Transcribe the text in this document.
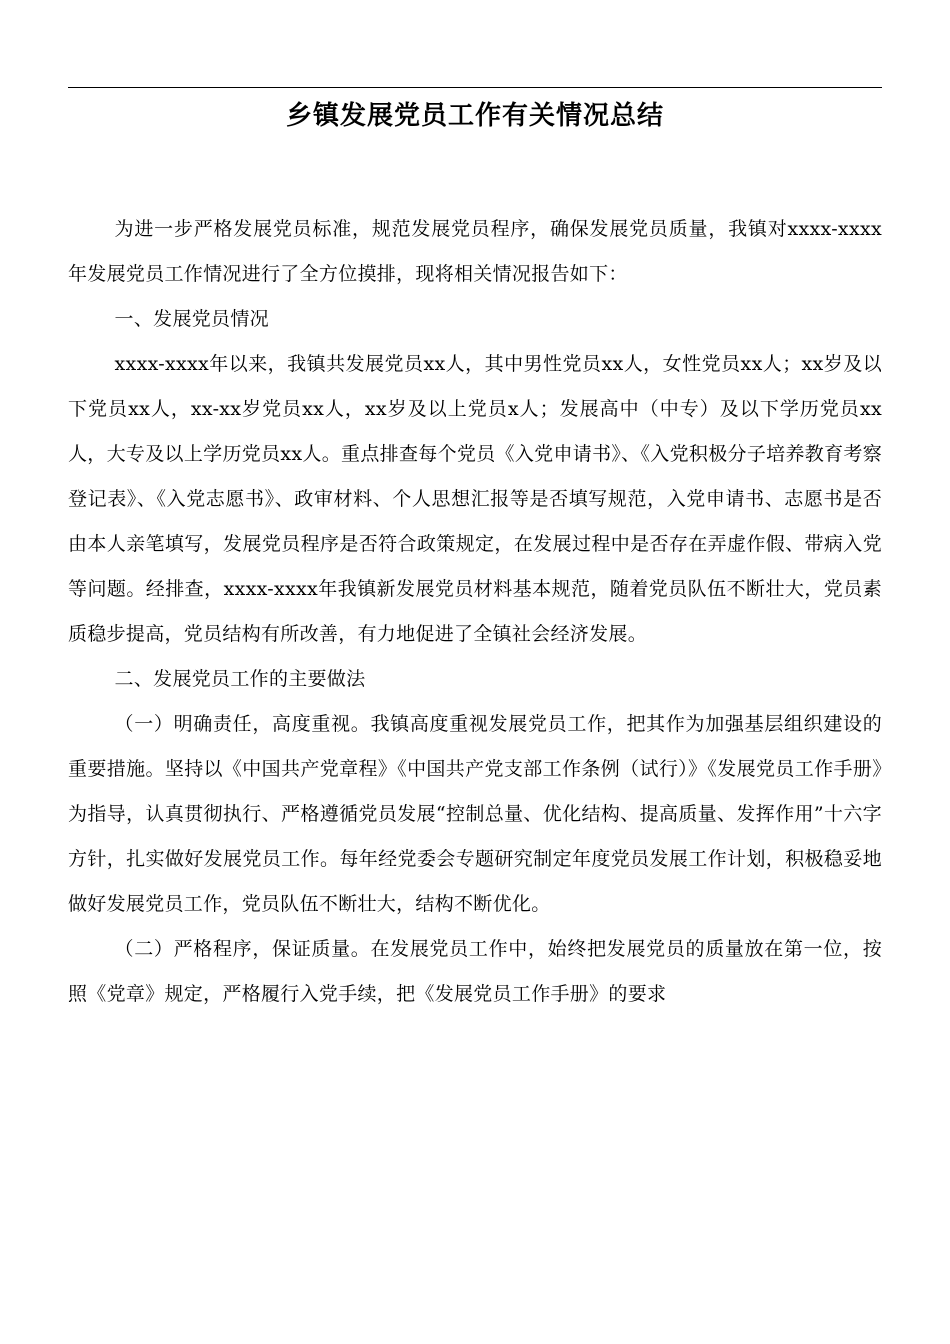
乡镇发展党员工作有关情况总结

为进一步严格发展党员标准，规范发展党员程序，确保发展党员质量，我镇对xxxx-xxxx年发展党员工作情况进行了全方位摸排，现将相关情况报告如下：

一、发展党员情况

xxxx-xxxx年以来，我镇共发展党员xx人，其中男性党员xx人，女性党员xx人；xx岁及以下党员xx人，xx-xx岁党员xx人，xx岁及以上党员x人；发展高中（中专）及以下学历党员xx人，大专及以上学历党员xx人。重点排查每个党员《入党申请书》、《入党积极分子培养教育考察登记表》、《入党志愿书》、政审材料、个人思想汇报等是否填写规范，入党申请书、志愿书是否由本人亲笔填写，发展党员程序是否符合政策规定，在发展过程中是否存在弄虚作假、带病入党等问题。经排查，xxxx-xxxx年我镇新发展党员材料基本规范，随着党员队伍不断壮大，党员素质稳步提高，党员结构有所改善，有力地促进了全镇社会经济发展。

二、发展党员工作的主要做法

（一）明确责任，高度重视。我镇高度重视发展党员工作，把其作为加强基层组织建设的重要措施。坚持以《中国共产党章程》《中国共产党支部工作条例（试行）》《发展党员工作手册》为指导，认真贯彻执行、严格遵循党员发展“控制总量、优化结构、提高质量、发挥作用”十六字方针，扎实做好发展党员工作。每年经党委会专题研究制定年度党员发展工作计划，积极稳妥地做好发展党员工作，党员队伍不断壮大，结构不断优化。

（二）严格程序，保证质量。在发展党员工作中，始终把发展党员的质量放在第一位，按照《党章》规定，严格履行入党手续，把《发展党员工作手册》的要求
